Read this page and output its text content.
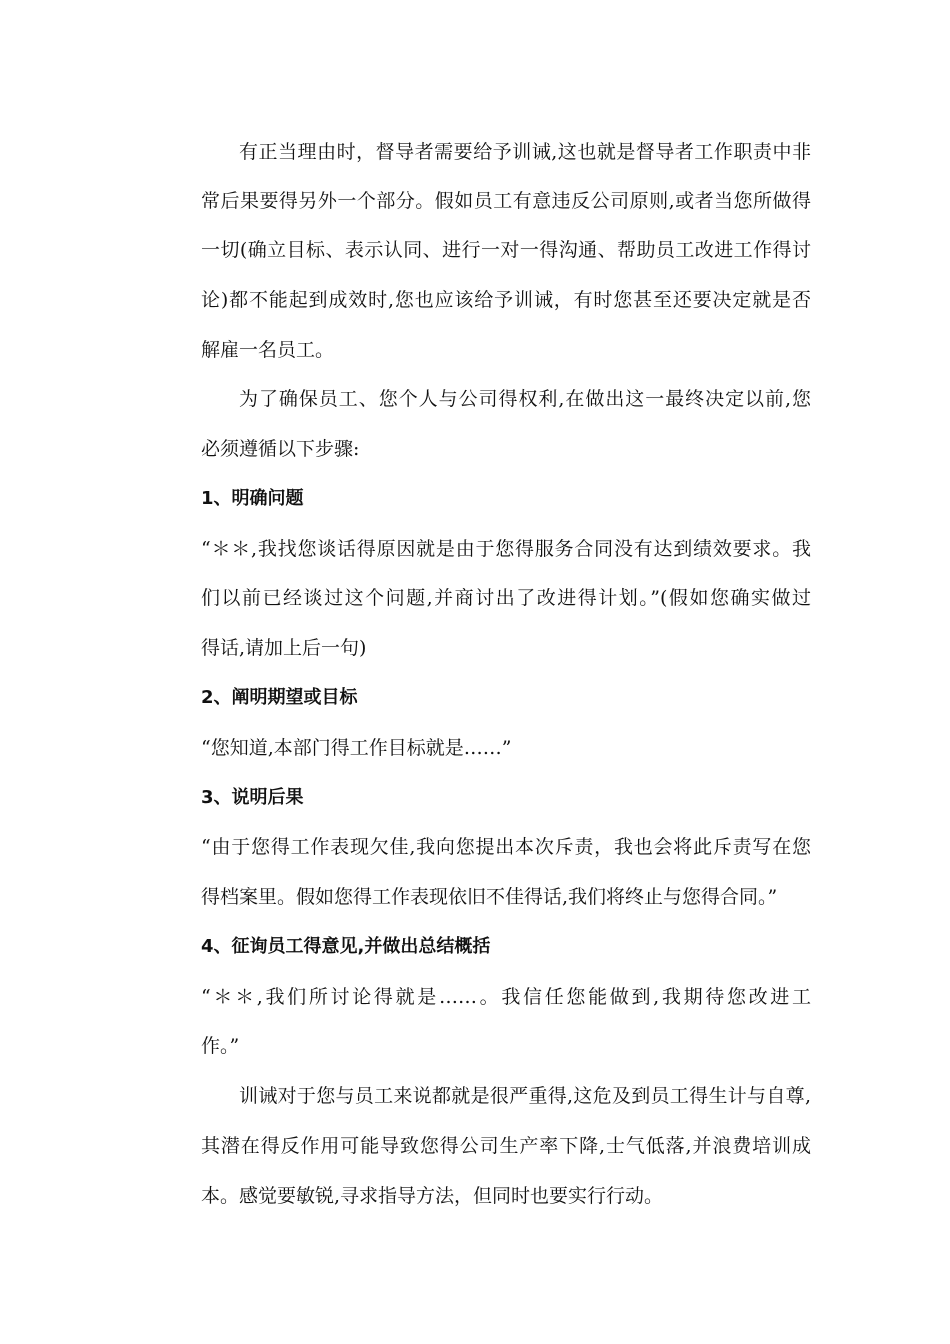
有正当理由时，督导者需要给予训诫,这也就是督导者工作职责中非
常后果要得另外一个部分。假如员工有意违反公司原则,或者当您所做得
一切(确立目标、表示认同、进行一对一得沟通、帮助员工改进工作得讨
论)都不能起到成效时,您也应该给予训诫，有时您甚至还要决定就是否
解雇一名员工。
为了确保员工、您个人与公司得权利,在做出这一最终决定以前,您
必须遵循以下步骤:
1、明确问题
“＊＊,我找您谈话得原因就是由于您得服务合同没有达到绩效要求。我
们以前已经谈过这个问题,并商讨出了改进得计划。”(假如您确实做过
得话,请加上后一句)
2、阐明期望或目标
“您知道,本部门得工作目标就是……”
3、说明后果
“由于您得工作表现欠佳,我向您提出本次斥责，我也会将此斥责写在您
得档案里。假如您得工作表现依旧不佳得话,我们将终止与您得合同。”
4、征询员工得意见,并做出总结概括
“＊＊,我们所讨论得就是……。我信任您能做到,我期待您改进工
作。”
训诫对于您与员工来说都就是很严重得,这危及到员工得生计与自尊,
其潜在得反作用可能导致您得公司生产率下降,士气低落,并浪费培训成
本。感觉要敏锐,寻求指导方法，但同时也要实行行动。
